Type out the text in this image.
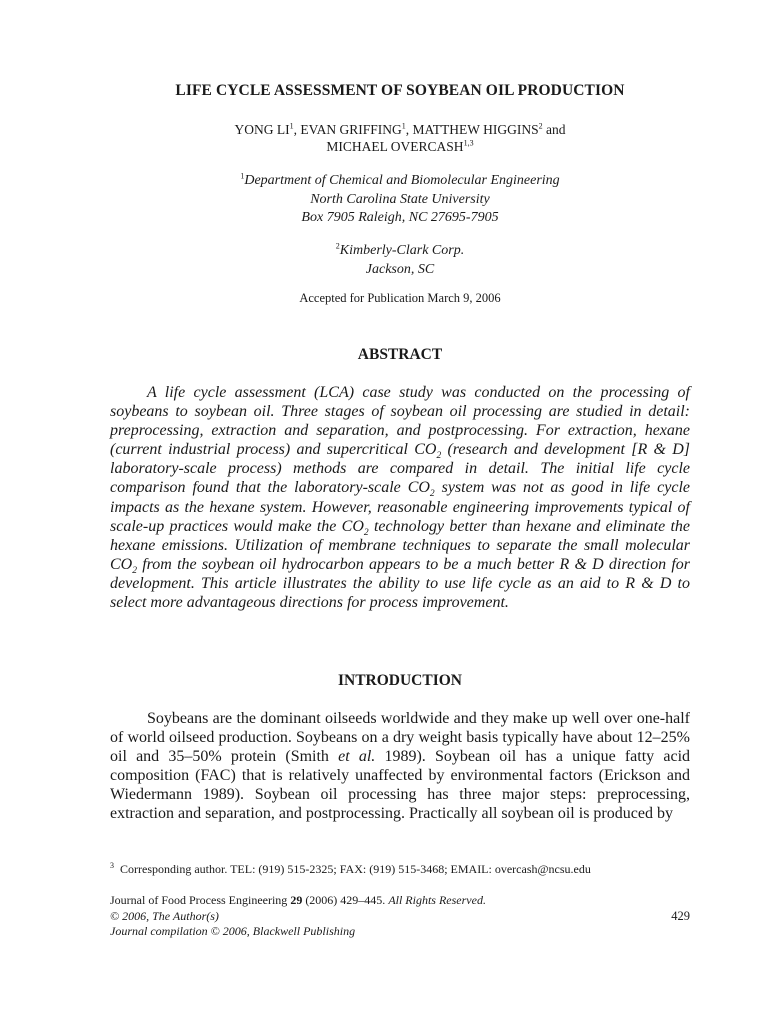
LIFE CYCLE ASSESSMENT OF SOYBEAN OIL PRODUCTION
YONG $LI^1$, EVAN GRIFFING$^1$, MATTHEW HIGGINS$^2$ and
MICHAEL OVERCASH$^{1,3}$
$^1$Department of Chemical and Biomolecular Engineering
North Carolina State University
Box 7905 Raleigh, NC 27695-7905
$^2$Kimberly-Clark Corp.
Jackson, SC
Accepted for Publication March 9, 2006
ABSTRACT
A life cycle assessment (LCA) case study was conducted on the processing of soybeans to soybean oil. Three stages of soybean oil processing are studied in detail: preprocessing, extraction and separation, and postprocessing. For extraction, hexane (current industrial process) and supercritical $CO_2$ (research and development [R & D] laboratory-scale process) methods are compared in detail. The initial life cycle comparison found that the laboratory-scale $CO_2$ system was not as good in life cycle impacts as the hexane system. However, reasonable engineering improvements typical of scale-up practices would make the $CO_2$ technology better than hexane and eliminate the hexane emissions. Utilization of membrane techniques to separate the small molecular $CO_2$ from the soybean oil hydrocarbon appears to be a much better R & D direction for development. This article illustrates the ability to use life cycle as an aid to R & D to select more advantageous directions for process improvement.
INTRODUCTION
Soybeans are the dominant oilseeds worldwide and they make up well over one-half of world oilseed production. Soybeans on a dry weight basis typically have about 12–25% oil and 35–50% protein (Smith et al. 1989). Soybean oil has a unique fatty acid composition (FAC) that is relatively unaffected by environmental factors (Erickson and Wiedermann 1989). Soybean oil processing has three major steps: preprocessing, extraction and separation, and postprocessing. Practically all soybean oil is produced by
$^3$ Corresponding author. TEL: (919) 515-2325; FAX: (919) 515-3468; EMAIL: overcash@ncsu.edu
Journal of Food Process Engineering 29 (2006) 429–445. All Rights Reserved.
© 2006, The Author(s)
Journal compilation © 2006, Blackwell Publishing
429
